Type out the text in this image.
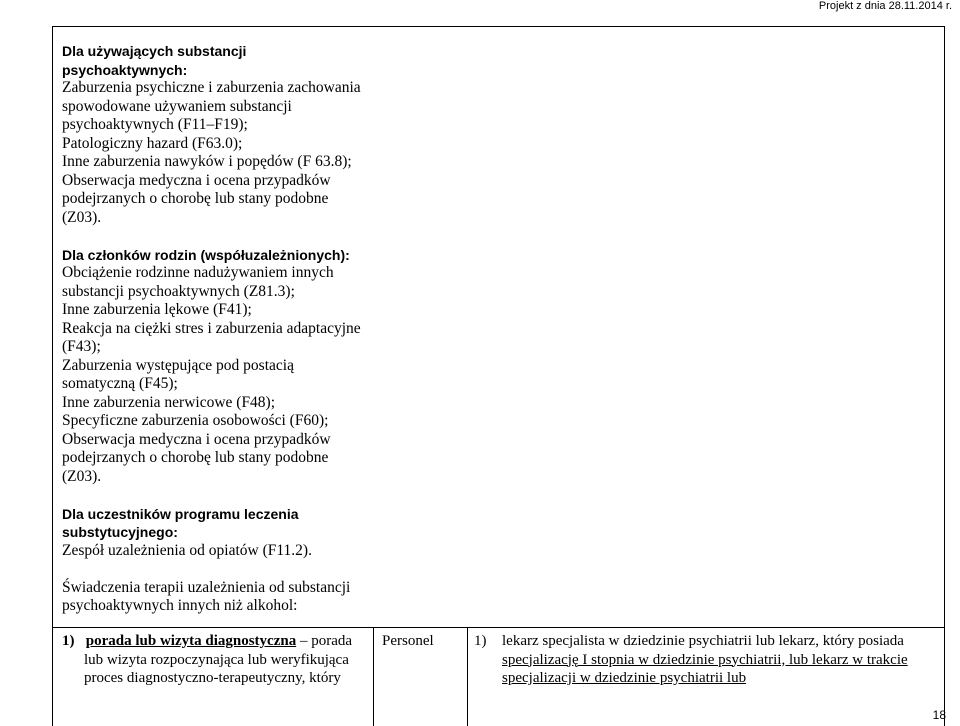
Projekt z dnia 28.11.2014 r.
Dla używających substancji
psychoaktywnych:
Zaburzenia psychiczne i zaburzenia zachowania
spowodowane używaniem substancji
psychoaktywnych (F11–F19);
Patologiczny hazard (F63.0);
Inne zaburzenia nawyków i popędów (F 63.8);
Obserwacja medyczna i ocena przypadków
podejrzanych o chorobę lub stany podobne
(Z03).
Dla członków rodzin (współuzależnionych):
Obciążenie rodzinne nadużywaniem innych
substancji psychoaktywnych (Z81.3);
Inne zaburzenia lękowe (F41);
Reakcja na ciężki stres i zaburzenia adaptacyjne
(F43);
Zaburzenia występujące pod postacią
somatyczną (F45);
Inne zaburzenia nerwicowe (F48);
Specyficzne zaburzenia osobowości (F60);
Obserwacja medyczna i ocena przypadków
podejrzanych o chorobę lub stany podobne
(Z03).
Dla uczestników programu leczenia
substytucyjnego:
Zespół uzależnienia od opiatów (F11.2).
Świadczenia terapii uzależnienia od substancji
psychoaktywnych innych niż alkohol:
1) porada lub wizyta diagnostyczna – porada
lub wizyta rozpoczynająca lub weryfikująca
proces diagnostyczno-terapeutyczny, który
Personel	1) lekarz specjalista w dziedzinie psychiatrii lub lekarz, który posiada
specjalizację I stopnia w dziedzinie psychiatrii, lub lekarz w trakcie
specjalizacji w dziedzinie psychiatrii lub
18
